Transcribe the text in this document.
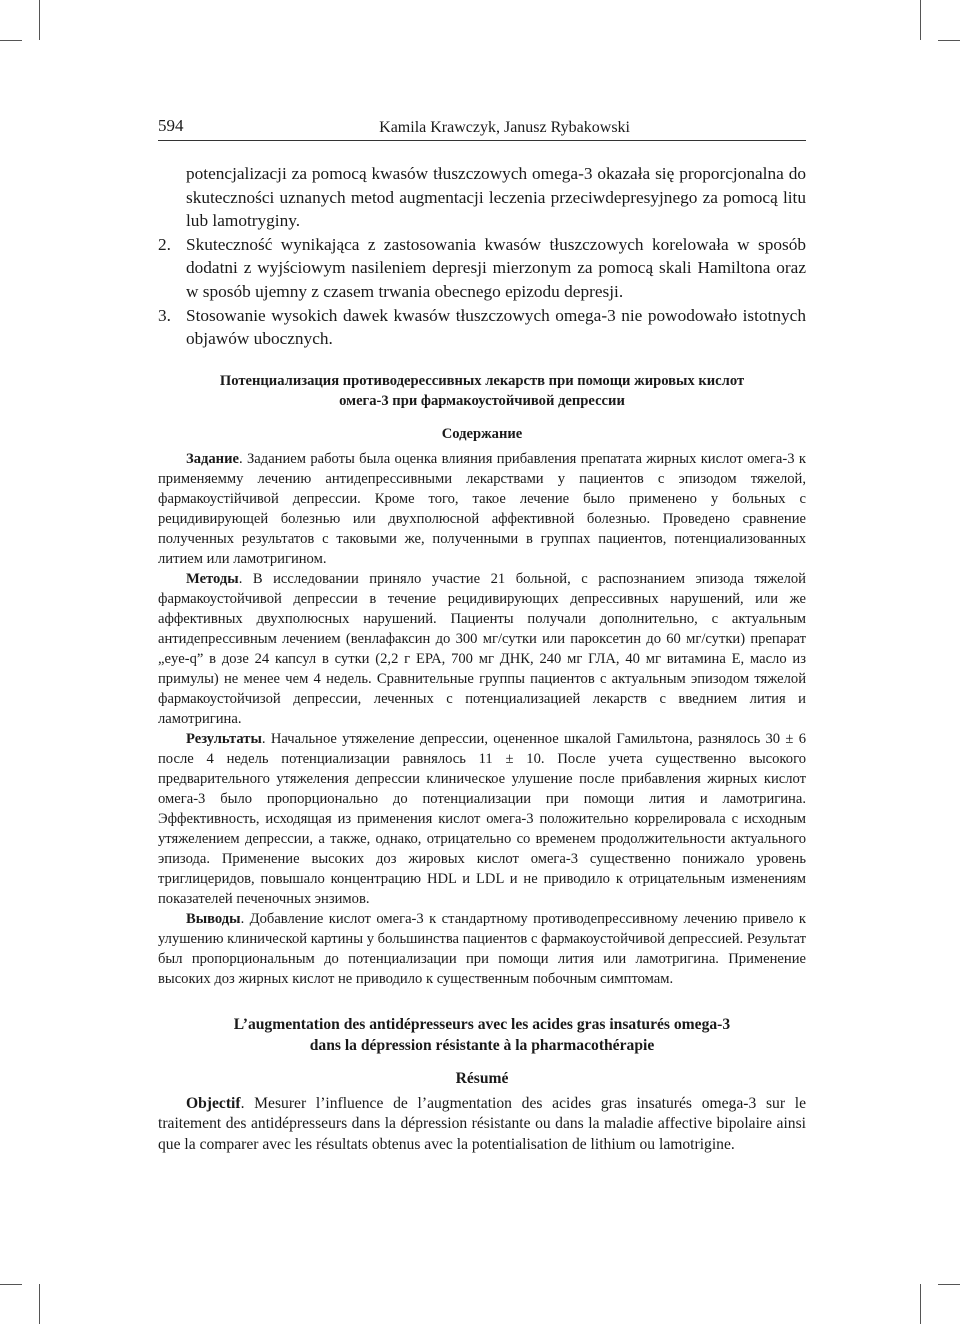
594	Kamila Krawczyk, Janusz Rybakowski
potencjalizacji za pomocą kwasów tłuszczowych omega-3 okazała się proporcjonalna do skuteczności uznanych metod augmentacji leczenia przeciwdepresyjnego za pomocą litu lub lamotryginy.
2. Skuteczność wynikająca z zastosowania kwasów tłuszczowych korelowała w sposób dodatni z wyjściowym nasileniem depresji mierzonym za pomocą skali Hamiltona oraz w sposób ujemny z czasem trwania obecnego epizodu depresji.
3. Stosowanie wysokich dawek kwasów tłuszczowych omega-3 nie powodowało istotnych objawów ubocznych.
Потенциализация противодерессивных лекарств при помощи жировых кислот
омега-3 при фармакоустойчивой депрессии
Содержание

Задание. Заданием работы была оценка влияния прибавления препатата жирных кислот омега-3 к применяемму лечению антидепрессивными лекарствами у пациентов с эпизодом тяжелой, фармакоустійчивой депрессии. Кроме того, такое лечение было применено у больных с рецидивирующей болезнью или двухполюсной аффективной болезнью. Проведено сравнение полученных результатов с таковыми же, полученными в группах пациентов, потенциализованных литием или ламотригином.

Методы. В исследовании приняло участие 21 больной, с распознанием эпизода тяжелой фармакоустойчивой депрессии в течение рецидивирующих депрессивных нарушений, или же аффективных двухполюсных нарушений. Пациенты получали дополнительно, с актуальным антидепрессивным лечением (венлафаксин до 300 мг/сутки или пароксетин до 60 мг/сутки) препарат „eye-q” в дозе 24 капсул в сутки (2,2 г ЕРА, 700 мг ДНК, 240 мг ГЛА, 40 мг витамина Е, масло из примулы) не менее чем 4 недель. Сравнительные группы пациентов с актуальным эпизодом тяжелой фармакоустойчизой депрессии, леченных с потенциализацией лекарств с введнием лития и ламотригина.

Результаты. Начальное утяжеление депрессии, оцененное шкалой Гамильтона, разнялось 30 ± 6 после 4 недель потенциализации равнялось 11 ± 10. После учета существенно высокого предварительного утяжеления депрессии клиническое улушение после прибавления жирных кислот омега-3 было пропорционально до потенциализации при помощи лития и ламотригина. Эффективность, исходящая из применения кислот омега-3 положительно коррелировала с исходным утяжелением депрессии, а также, однако, отрицательно со временем продолжительности актуального эпизода. Применение высоких доз жировых кислот омега-3 существенно понижало уровень триглицеридов, повышало концентрацию HDL и LDL и не приводило к отрицательным изменениям показателей печеночных энзимов.

Выводы. Добавление кислот омега-3 к стандартному противодепрессивному лечению привело к улушению клинической картины у большинства пациентов с фармакоустойчивой депрессией. Результат был пропорциональным до потенциализации при помощи лития или ламотригина. Применение высоких доз жирных кислот не приводило к существенным побочным симптомам.

L’augmentation des antidépresseurs avec les acides gras insaturés omega-3
dans la dépression résistante à la pharmacothérapie
Résumé

Objectif. Mesurer l’influence de l’augmentation des acides gras insaturés omega-3 sur le traitement des antidépresseurs dans la dépression résistante ou dans la maladie affective bipolaire ainsi que la comparer avec les résultats obtenus avec la potentialisation de lithium ou lamotrigine.
